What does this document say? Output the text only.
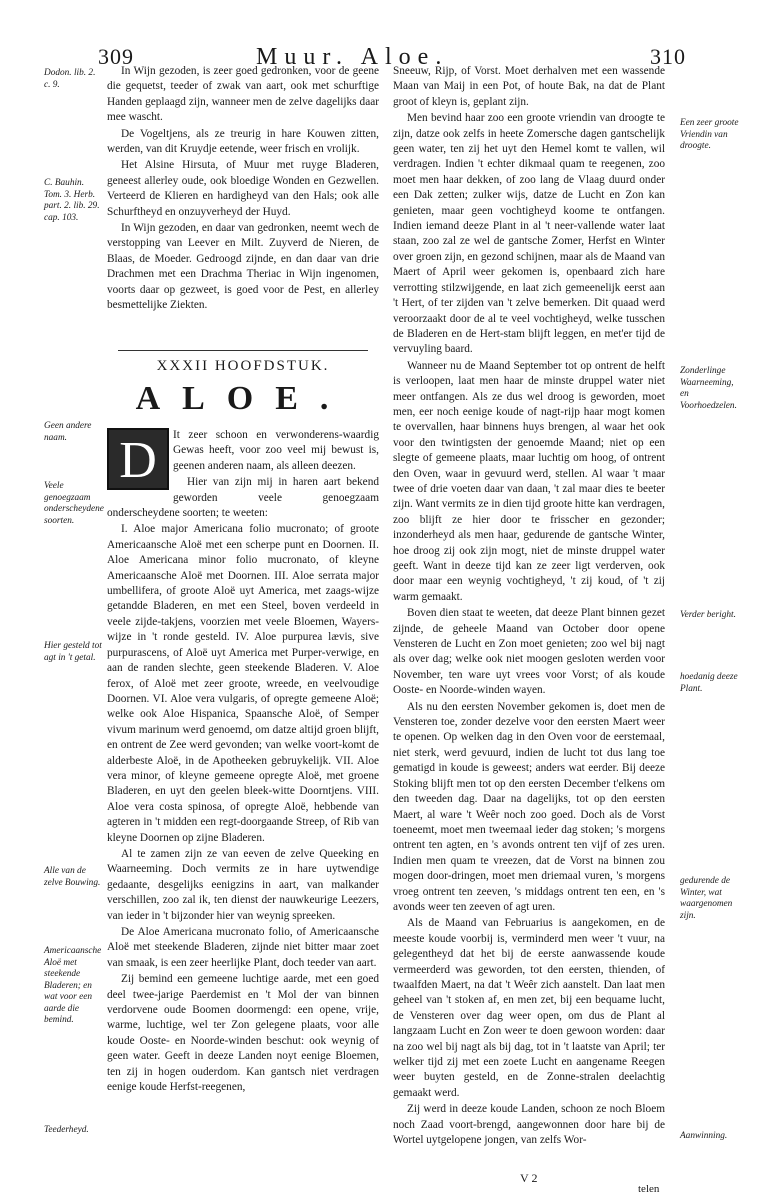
309	Muur. Aloe.	310
Dodon. lib. 2. c. 9.
C. Bauhin. Tom. 3. Herb. part. 2. lib. 29. cap. 103.
Geen andere naam.
Veele genoegzaam onderscheydene soorten.
Hier gesteld tot agt in 't getal.
Alle van de zelve Bouwing.
Americaansche Aloë met steekende Bladeren; en wat voor een aarde die bemind.
Teederheyd.
Een zeer groote Vriendin van droogte.
Zonderlinge Waarneeming, en Voorhoedzelen.
Verder beright.
hoedanig deeze Plant.
gedurende de Winter, wat waargenomen zijn.
Aanwinning.

In Wijn gezoden, is zeer goed gedronken, voor de geene die gequetst, teeder of zwak van aart, ook met schurftige Handen geplaagd zijn, wanneer men de zelve dagelijks daar mee wascht.

De Vogeltjens, als ze treurig in hare Kouwen zitten, werden, van dit Kruydje eetende, weer frisch en vrolijk.

Het Alsine Hirsuta, of Muur met ruyge Bladeren, geneest allerley oude, ook bloedige Wonden en Gezwellen. Verteerd de Klieren en hardigheyd van den Hals; ook alle Schurftheyd en onzuyverheyd der Huyd.

In Wijn gezoden, en daar van gedronken, neemt wech de verstopping van Leever en Milt. Zuyverd de Nieren, de Blaas, de Moeder. Gedroogd zijnde, en dan daar van drie Drachmen met een Drachma Theriac in Wijn ingenomen, voorts daar op gezweet, is goed voor de Pest, en allerley besmettelijke Ziekten.

XXXII HOOFDSTUK.
ALOE.

It zeer schoon en verwonderens-waardig Gewas heeft, voor zoo veel mij bewust is, geenen anderen naam, als alleen deezen.

Hier van zijn mij in haren aart bekend geworden veele genoegzaam onderscheydene soorten; te weeten:

I. Aloe major Americana folio mucronato; of groote Americaansche Aloë met een scherpe punt en Doornen. II. Aloe Americana minor folio mucronato, of kleyne Americaansche Aloë met Doornen. III. Aloe serrata major umbellifera, of groote Aloë uyt America, met zaags-wijze getandde Bladeren, en met een Steel, boven verdeeld in veele zijde-takjens, voorzien met veele Bloemen, Wayers-wijze in 't ronde gesteld. IV. Aloe purpurea lævis, sive purpurascens, of Aloë uyt America met Purper-verwige, en aan de randen slechte, geen steekende Bladeren. V. Aloe ferox, of Aloë met zeer groote, wreede, en veelvoudige Doornen. VI. Aloe vera vulgaris, of opregte gemeene Aloë; welke ook Aloe Hispanica, Spaansche Aloë, of Semper vivum marinum werd genoemd, om datze altijd groen blijft, en ontrent de Zee werd gevonden; van welke voort-komt de alderbeste Aloë, in de Apotheeken gebruykelijk. VII. Aloe vera minor, of kleyne gemeene opregte Aloë, met groene Bladeren, en uyt den geelen bleek-witte Doorntjens. VIII. Aloe vera costa spinosa, of opregte Aloë, hebbende van agteren in 't midden een regt-doorgaande Streep, of Rib van kleyne Doornen op zijne Bladeren.

Al te zamen zijn ze van eeven de zelve Queeking en Waarneeming. Doch vermits ze in hare uytwendige gedaante, desgelijks eenigzins in aart, van malkander verschillen, zoo zal ik, ten dienst der nauwkeurige Leezers, van ieder in 't bijzonder hier van weynig spreeken.

De Aloe Americana mucronato folio, of Americaansche Aloë met steekende Bladeren, zijnde niet bitter maar zoet van smaak, is een zeer heerlijke Plant, doch teeder van aart.

Zij bemind een gemeene luchtige aarde, met een goed deel twee-jarige Paerdemist en 't Mol der van binnen verdorvene oude Boomen doormengd: een opene, vrije, warme, luchtige, wel ter Zon gelegene plaats, voor alle koude Ooste- en Noorde-winden beschut: ook weynig of geen water. Geeft in deeze Landen noyt eenige Bloemen, ten zij in hogen ouderdom. Kan gantsch niet verdragen eenige koude Herfst-reegenen,

D

Sneeuw, Rijp, of Vorst. Moet derhalven met een wassende Maan van Maij in een Pot, of houte Bak, na dat de Plant groot of kleyn is, geplant zijn.

Men bevind haar zoo een groote vriendin van droogte te zijn, datze ook zelfs in heete Zomersche dagen gantschelijk geen water, ten zij het uyt den Hemel komt te vallen, wil verdragen. Indien 't echter dikmaal quam te reegenen, zoo moet men haar dekken, of zoo lang de Vlaag duurd onder een Dak zetten; zulker wijs, datze de Lucht en Zon kan genieten, maar geen vochtigheyd koome te ontfangen. Indien iemand deeze Plant in al 't neer-vallende water laat staan, zoo zal ze wel de gantsche Zomer, Herfst en Winter over groen zijn, en gezond schijnen, maar als de Maand van Maert of April weer gekomen is, openbaard zich hare verrotting stilzwijgende, en laat zich gemeenelijk eerst aan 't Hert, of ter zijden van 't zelve bemerken. Dit quaad werd veroorzaakt door de al te veel vochtigheyd, welke tusschen de Bladeren en de Hert-stam blijft leggen, en met'er tijd de vervuyling baard.

Wanneer nu de Maand September tot op ontrent de helft is verloopen, laat men haar de minste druppel water niet meer ontfangen. Als ze dus wel droog is geworden, moet men, eer noch eenige koude of nagt-rijp haar mogt komen te overvallen, haar binnens huys brengen, al waar het ook voor den twintigsten der genoemde Maand; niet op een slegte of gemeene plaats, maar luchtig om hoog, of ontrent den Oven, waar in gevuurd werd, stellen. Al waar 't maar twee of drie voeten daar van daan, 't zal maar dies te beeter zijn. Want vermits ze in dien tijd groote hitte kan verdragen, zoo blijft ze hier door te frisscher en gezonder; inzonderheyd als men haar, gedurende de gantsche Winter, hoe droog zij ook zijn mogt, niet de minste druppel water geeft. Want in deeze tijd kan ze zeer ligt verderven, ook door maar een weynig vochtigheyd, 't zij koud, of 't zij warm gemaakt.

Boven dien staat te weeten, dat deeze Plant binnen gezet zijnde, de geheele Maand van October door opene Vensteren de Lucht en Zon moet genieten; zoo wel bij nagt als over dag; welke ook niet moogen gesloten werden voor November, ten ware uyt vrees voor Vorst; of als koude Ooste- en Noorde-winden wayen.

Als nu den eersten November gekomen is, doet men de Vensteren toe, zonder dezelve voor den eersten Maert weer te openen. Op welken dag in den Oven voor de eerstemaal, niet sterk, werd gevuurd, indien de lucht tot dus lang toe gematigd in koude is geweest; anders wat eerder. Bij deeze Stoking blijft men tot op den eersten December t'elkens om den tweeden dag. Daar na dagelijks, tot op den eersten Maert, al ware 't Weêr noch zoo goed. Doch als de Vorst toeneemt, moet men tweemaal ieder dag stoken; 's morgens ontrent ten agten, en 's avonds ontrent ten vijf of zes uren. Indien men quam te vreezen, dat de Vorst na binnen zou mogen door-dringen, moet men driemaal vuren, 's morgens vroeg ontrent ten zeeven, 's middags ontrent ten een, en 's avonds weer ten zeeven of agt uren.

Als de Maand van Februarius is aangekomen, en de meeste koude voorbij is, verminderd men weer 't vuur, na gelegentheyd dat het bij de eerste aanwassende koude vermeerderd was geworden, tot den eersten, thienden, of twaalfden Maert, na dat 't Weêr zich aanstelt. Dan laat men geheel van 't stoken af, en men zet, bij een bequame lucht, de Vensteren over dag weer open, om dus de Plant al langzaam Lucht en Zon weer te doen gewoon worden: daar na zoo wel bij nagt als bij dag, tot in 't laatste van April; ter welker tijd zij met een zoete Lucht en aangename Reegen weer buyten gesteld, en de Zonne-stralen deelachtig gemaakt werd.

Zij werd in deeze koude Landen, schoon ze noch Bloem noch Zaad voort-brengd, aangewonnen door hare bij de Wortel uytgelopene jongen, van zelfs Wor-

V 2
telen
